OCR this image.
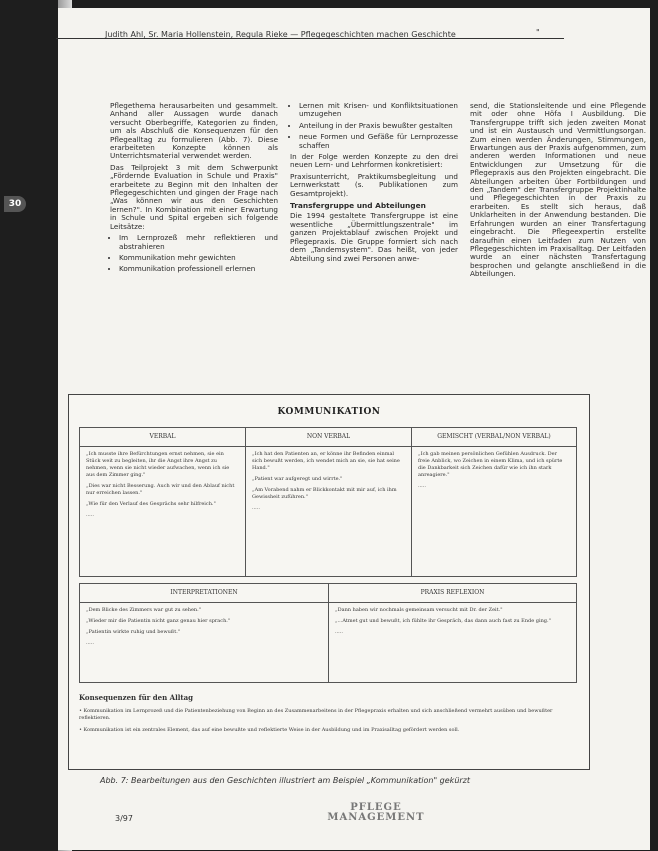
Judith Ahl, Sr. Maria Hollenstein, Regula Rieke — Pflegegeschichten machen Geschichte	"
30

Pflegethema herausarbeiten und gesammelt. Anhand aller Aussagen wurde danach versucht Oberbegriffe, Kategorien zu finden, um als Abschluß die Konsequenzen für den Pflegealltag zu formulieren (Abb. 7). Diese erarbeiteten Konzepte können als Unterrichtsmaterial verwendet werden.

Das Teilprojekt 3 mit dem Schwerpunkt „Fördernde Evaluation in Schule und Praxis" erarbeitete zu Beginn mit den Inhalten der Pflegegeschichten und gingen der Frage nach „Was können wir aus den Geschichten lernen?". In Kombination mit einer Erwartung in Schule und Spital ergeben sich folgende Leitsätze:

• Im Lernprozeß mehr reflektieren und abstrahieren
• Kommunikation mehr gewichten
• Kommunikation professionell erlernen
• Lernen mit Krisen- und Konfliktsituationen umzugehen
• Anteilung in der Praxis bewußter gestalten
• neue Formen und Gefäße für Lernprozesse schaffen

In der Folge werden Konzepte zu den drei neuen Lern- und Lehrformen konkretisiert:

Praxisunterricht, Praktikumsbegleitung und Lernwerkstatt (s. Publikationen zum Gesamtprojekt).

Transfergruppe und Abteilungen

Die 1994 gestaltete Transfergruppe ist eine wesentliche „Übermittlungszentrale" im ganzen Projektablauf zwischen Projekt und Pflegepraxis. Die Gruppe formiert sich nach dem „Tandemsystem". Das heißt, von jeder Abteilung sind zwei Personen anwe-

send, die Stationsleitende und eine Pflegende mit oder ohne Höfa I Ausbildung. Die Transfergruppe trifft sich jeden zweiten Monat und ist ein Austausch und Vermittlungsorgan. Zum einen werden Änderungen, Stimmungen, Erwartungen aus der Praxis aufgenommen, zum anderen werden Informationen und neue Entwicklungen zur Umsetzung für die Pflegepraxis aus den Projekten eingebracht. Die Abteilungen arbeiten über Fortbildungen und den „Tandem" der Transfergruppe Projektinhalte und Pflegegeschichten in der Praxis zu erarbeiten. Es stellt sich heraus, daß Unklarheiten in der Anwendung bestanden. Die Erfahrungen wurden an einer Transfertagung eingebracht. Die Pflegeexpertin erstellte daraufhin einen Leitfaden zum Nutzen von Pflegegeschichten im Praxisalltag. Der Leitfaden wurde an einer nächsten Transfertagung besprochen und gelangte anschließend in die Abteilungen.

KOMMUNIKATION
VERBAL

„Ich musste ihre Befürchtungen ernst nehmen, sie ein Stück weit zu begleiten, ihr die Angst ihre Angst zu nehmen, wenn sie nicht wieder aufwachen, wenn ich sie aus dem Zimmer ging."

„Dies war nicht Besserung. Auch wir und den Ablauf nicht nur erreichen lassen."

„Wie für den Verlauf des Gesprächs sehr hilfreich."

.....

NON VERBAL

„Ich hat den Patienten an, er könne ihr Befinden einmal sich bewußt werden, ich wendet mich an sie, sie hat seine Hand."

„Patient war aufgeregt und wirrte."

„Am Vorabend nahm er Blickkontakt mit mir auf, ich ihm Gewissheit zuführen."

.....

GEMISCHT (VERBAL/NON VERBAL)

„Ich gab meinen persönlichen Gefühlen Ausdruck. Der freie Anblick, wo Zeichen in einem Klima, und ich spürte die Dankbarkeit sich Zeichen dafür wie ich ihn stark anreagiere."

.....

INTERPRETATIONEN

„Dem Blicke des Zimmers war gut zu sehen."

„Wieder mir die Patientin nicht ganz genau hier sprach."

„Patientin wirkte ruhig und bewußt."

.....

PRAXIS REFLEXION

„Dann haben wir nochmals gemeinsam versucht mit Dr. der Zeit."

„...Atmet gut und bewußt, ich fühlte ihr Gespräch, das dann auch fast zu Ende ging."

.....

Konsequenzen für den Alltag

• Kommunikation im Lernprozeß und die Patientenbeziehung von Beginn an des Zusammenarbeitens in der Pflegepraxis erhalten und sich anschließend vermehrt ausüben und bewußter reflektieren.

• Kommunikation ist ein zentrales Element, das auf eine bewußte und reflektierte Weise in der Ausbildung und im Praxisalltag gefördert werden soll.

Abb. 7: Bearbeitungen aus den Geschichten illustriert am Beispiel „Kommunikation" gekürzt
3/97
PFLEGE
MANAGEMENT
